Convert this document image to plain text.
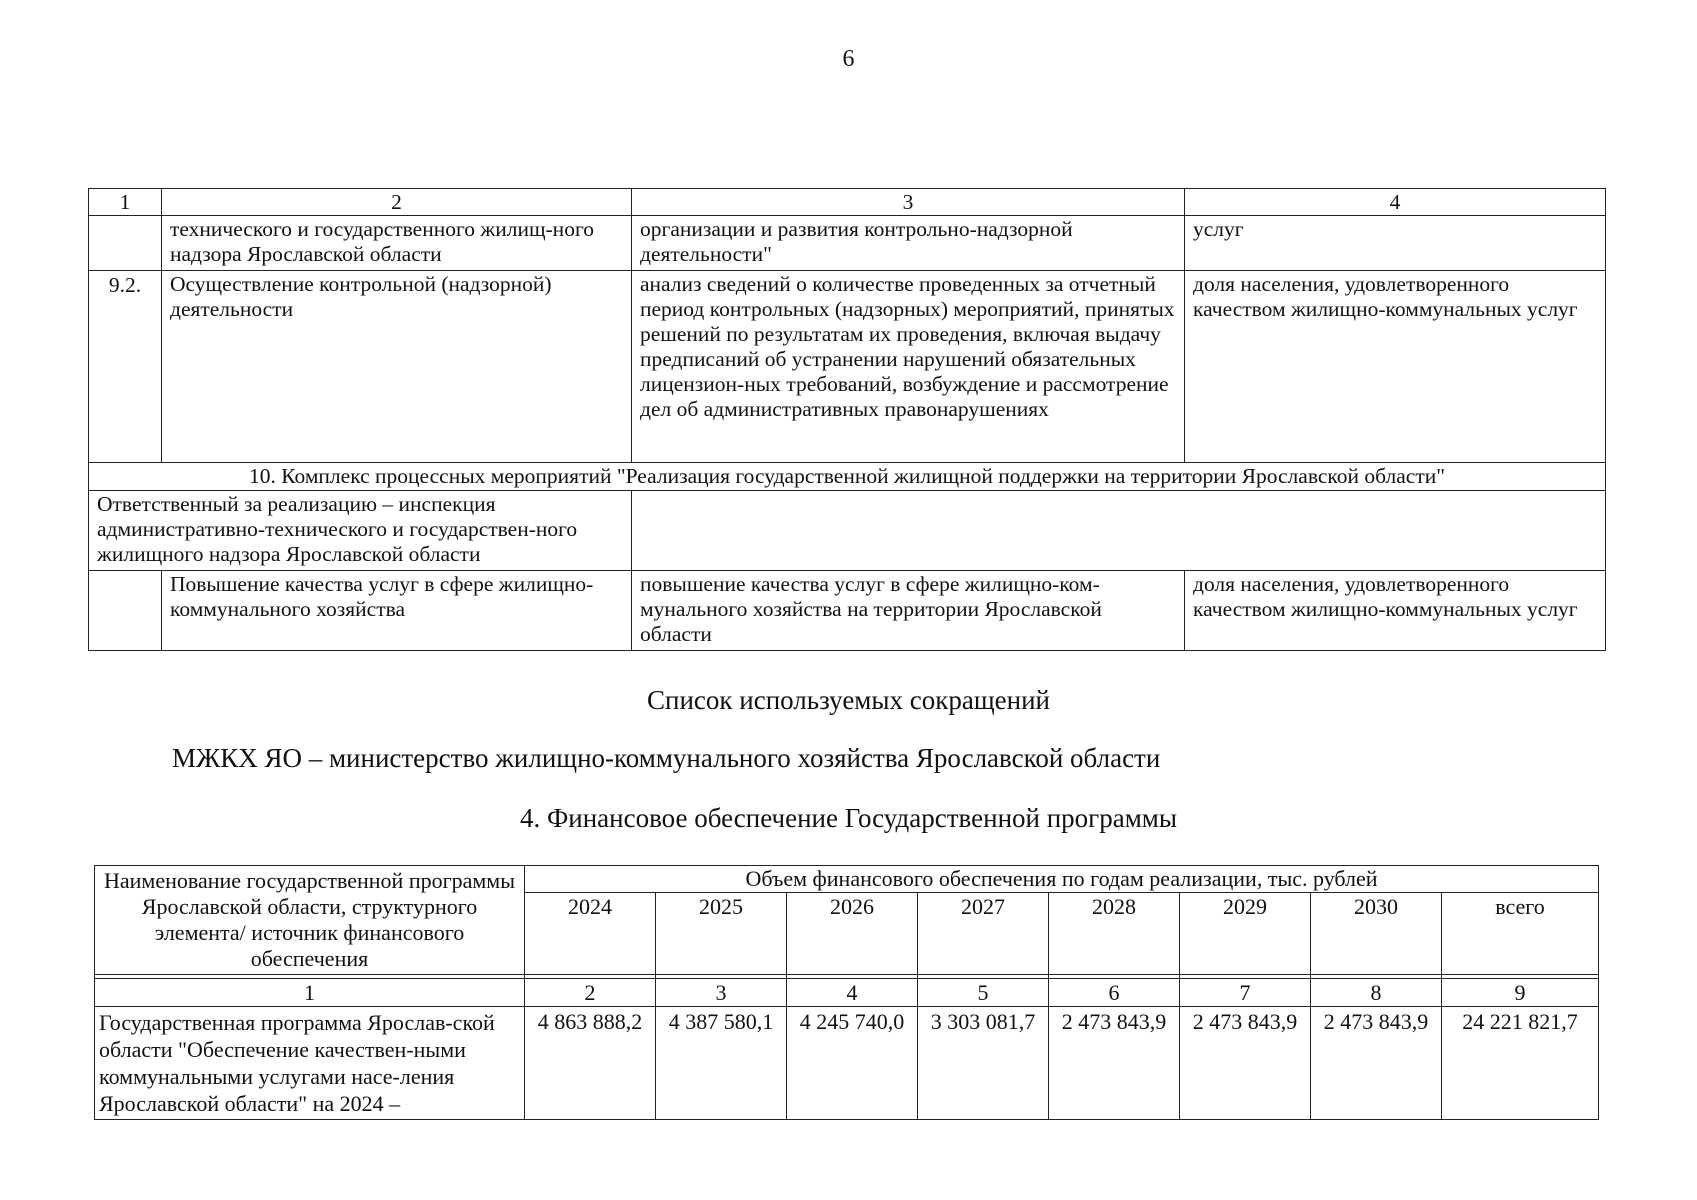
6
1	2	3	4
	технического и государственного жилищ-ного надзора Ярославской области	организации и развития контрольно-надзорной деятельности"	услуг
9.2.	Осуществление контрольной (надзорной) деятельности	анализ сведений о количестве проведенных за отчетный период контрольных (надзорных) мероприятий, принятых решений по результатам их проведения, включая выдачу предписаний об устранении нарушений обязательных лицензион-ных требований, возбуждение и рассмотрение дел об административных правонарушениях	доля населения, удовлетворенного качеством жилищно-коммунальных услуг
10. Комплекс процессных мероприятий "Реализация государственной жилищной поддержки на территории Ярославской области"			
Ответственный за реализацию – инспекция административно-технического и государствен-ного жилищного надзора Ярославской области			
	Повышение качества услуг в сфере жилищно-коммунального хозяйства	повышение качества услуг в сфере жилищно-ком-мунального хозяйства на территории Ярославской области	доля населения, удовлетворенного качеством жилищно-коммунальных услуг
Список используемых сокращений
МЖКХ ЯО – министерство жилищно-коммунального хозяйства Ярославской области
4. Финансовое обеспечение Государственной программы
Наименование государственной программы Ярославской области, структурного элемента/ источник финансового обеспечения	Объем финансового обеспечения по годам реализации, тыс. рублей							
	2024	2025	2026	2027	2028	2029	2030	всего

1	2	3	4	5	6	7	8	9
Государственная программа Ярослав-ской области "Обеспечение качествен-ными коммунальными услугами насе-ления Ярославской области" на 2024 –	4 863 888,2	4 387 580,1	4 245 740,0	3 303 081,7	2 473 843,9	2 473 843,9	2 473 843,9	24 221 821,7
